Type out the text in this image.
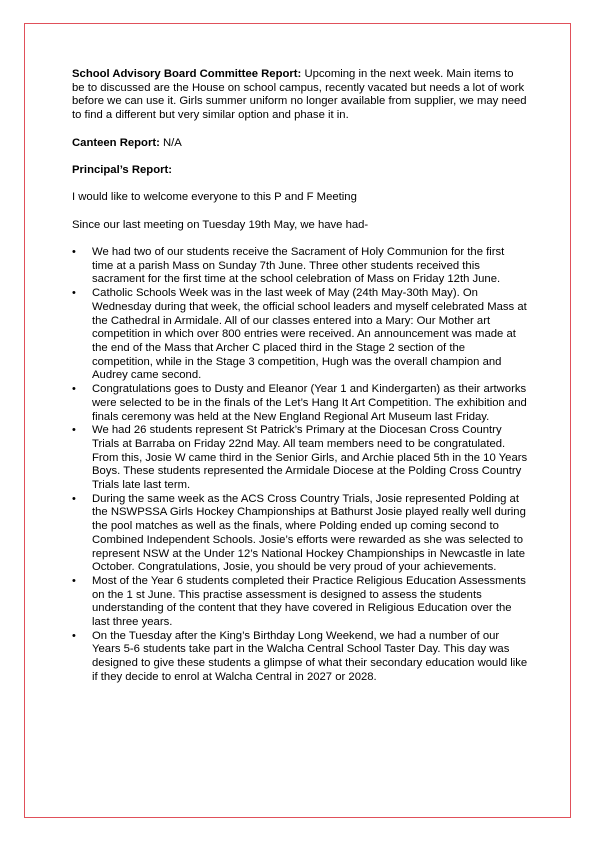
School Advisory Board Committee Report: Upcoming in the next week. Main items to be to discussed are the House on school campus, recently vacated but needs a lot of work before we can use it. Girls summer uniform no longer available from supplier, we may need to find a different but very similar option and phase it in.

Canteen Report: N/A

Principal’s Report:

I would like to welcome everyone to this P and F Meeting

Since our last meeting on Tuesday 19th May, we have had-

•	We had two of our students receive the Sacrament of Holy Communion for the first time at a parish Mass on Sunday 7th June. Three other students received this sacrament for the first time at the school celebration of Mass on Friday 12th June.
•	Catholic Schools Week was in the last week of May (24th May-30th May). On Wednesday during that week, the official school leaders and myself celebrated Mass at the Cathedral in Armidale. All of our classes entered into a Mary: Our Mother art competition in which over 800 entries were received. An announcement was made at the end of the Mass that Archer C placed third in the Stage 2 section of the competition, while in the Stage 3 competition, Hugh was the overall champion and Audrey came second.
•	Congratulations goes to Dusty and Eleanor (Year 1 and Kindergarten) as their artworks were selected to be in the finals of the Let’s Hang It Art Competition. The exhibition and finals ceremony was held at the New England Regional Art Museum last Friday.
•	We had 26 students represent St Patrick’s Primary at the Diocesan Cross Country Trials at Barraba on Friday 22nd May. All team members need to be congratulated. From this, Josie W came third in the Senior Girls, and Archie placed 5th in the 10 Years Boys. These students represented the Armidale Diocese at the Polding Cross Country Trials late last term.
•	During the same week as the ACS Cross Country Trials, Josie represented Polding at the NSWPSSA Girls Hockey Championships at Bathurst Josie played really well during the pool matches as well as the finals, where Polding ended up coming second to Combined Independent Schools. Josie’s efforts were rewarded as she was selected to represent NSW at the Under 12’s National Hockey Championships in Newcastle in late October. Congratulations, Josie, you should be very proud of your achievements.
•	Most of the Year 6 students completed their Practice Religious Education Assessments on the 1 st June. This practise assessment is designed to assess the students understanding of the content that they have covered in Religious Education over the last three years.
•	On the Tuesday after the King’s Birthday Long Weekend, we had a number of our Years 5-6 students take part in the Walcha Central School Taster Day. This day was designed to give these students a glimpse of what their secondary education would like if they decide to enrol at Walcha Central in 2027 or 2028.
